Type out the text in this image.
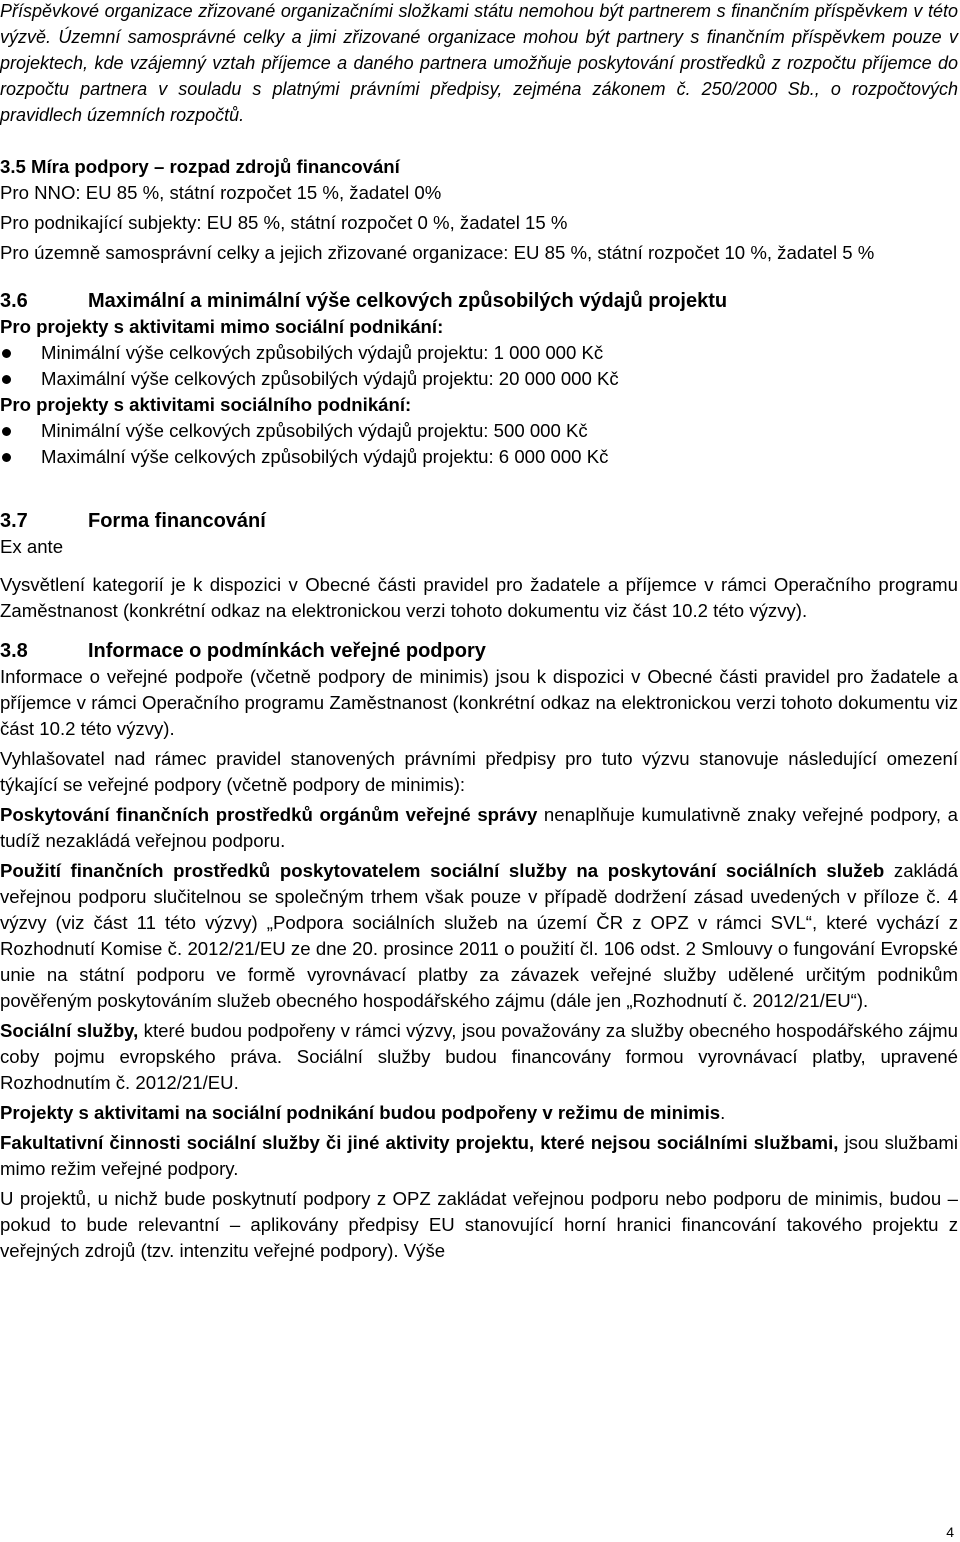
Příspěvkové organizace zřizované organizačními složkami státu nemohou být partnerem s finančním příspěvkem v této výzvě. Územní samosprávné celky a jimi zřizované organizace mohou být partnery s finančním příspěvkem pouze v projektech, kde vzájemný vztah příjemce a daného partnera umožňuje poskytování prostředků z rozpočtu příjemce do rozpočtu partnera v souladu s platnými právními předpisy, zejména zákonem č. 250/2000 Sb., o rozpočtových pravidlech územních rozpočtů.

3.5 Míra podpory – rozpad zdrojů financování

Pro NNO: EU 85 %, státní rozpočet 15 %, žadatel 0%

Pro podnikající subjekty: EU 85 %, státní rozpočet 0 %, žadatel 15 %

Pro územně samosprávní celky a jejich zřizované organizace: EU 85 %, státní rozpočet 10 %, žadatel 5 %

3.6	Maximální a minimální výše celkových způsobilých výdajů projektu

Pro projekty s aktivitami mimo sociální podnikání:

Minimální výše celkových způsobilých výdajů projektu: 1 000 000 Kč
Maximální výše celkových způsobilých výdajů projektu: 20 000 000 Kč

Pro projekty s aktivitami sociálního podnikání:

Minimální výše celkových způsobilých výdajů projektu: 500 000 Kč
Maximální výše celkových způsobilých výdajů projektu: 6 000 000 Kč
3.7	Forma financování

Ex ante

Vysvětlení kategorií je k dispozici v Obecné části pravidel pro žadatele a příjemce v rámci Operačního programu Zaměstnanost (konkrétní odkaz na elektronickou verzi tohoto dokumentu viz část 10.2 této výzvy).

3.8	Informace o podmínkách veřejné podpory

Informace o veřejné podpoře (včetně podpory de minimis) jsou k dispozici v Obecné části pravidel pro žadatele a příjemce v rámci Operačního programu Zaměstnanost (konkrétní odkaz na elektronickou verzi tohoto dokumentu viz část 10.2 této výzvy).

Vyhlašovatel nad rámec pravidel stanovených právními předpisy pro tuto výzvu stanovuje následující omezení týkající se veřejné podpory (včetně podpory de minimis):

Poskytování finančních prostředků orgánům veřejné správy nenaplňuje kumulativně znaky veřejné podpory, a tudíž nezakládá veřejnou podporu.

Použití finančních prostředků poskytovatelem sociální služby na poskytování sociálních služeb zakládá veřejnou podporu slučitelnou se společným trhem však pouze v případě dodržení zásad uvedených v příloze č. 4 výzvy (viz část 11 této výzvy) „Podpora sociálních služeb na území ČR z OPZ v rámci SVL“, které vychází z Rozhodnutí Komise č. 2012/21/EU ze dne 20. prosince 2011 o použití čl. 106 odst. 2 Smlouvy o fungování Evropské unie na státní podporu ve formě vyrovnávací platby za závazek veřejné služby udělené určitým podnikům pověřeným poskytováním služeb obecného hospodářského zájmu (dále jen „Rozhodnutí č. 2012/21/EU“).

Sociální služby, které budou podpořeny v rámci výzvy, jsou považovány za služby obecného hospodářského zájmu coby pojmu evropského práva. Sociální služby budou financovány formou vyrovnávací platby, upravené Rozhodnutím č. 2012/21/EU.

Projekty s aktivitami na sociální podnikání budou podpořeny v režimu de minimis.

Fakultativní činnosti sociální služby či jiné aktivity projektu, které nejsou sociálními službami, jsou službami mimo režim veřejné podpory.

U projektů, u nichž bude poskytnutí podpory z OPZ zakládat veřejnou podporu nebo podporu de minimis, budou – pokud to bude relevantní – aplikovány předpisy EU stanovující horní hranici financování takového projektu z veřejných zdrojů (tzv. intenzitu veřejné podpory). Výše

4
